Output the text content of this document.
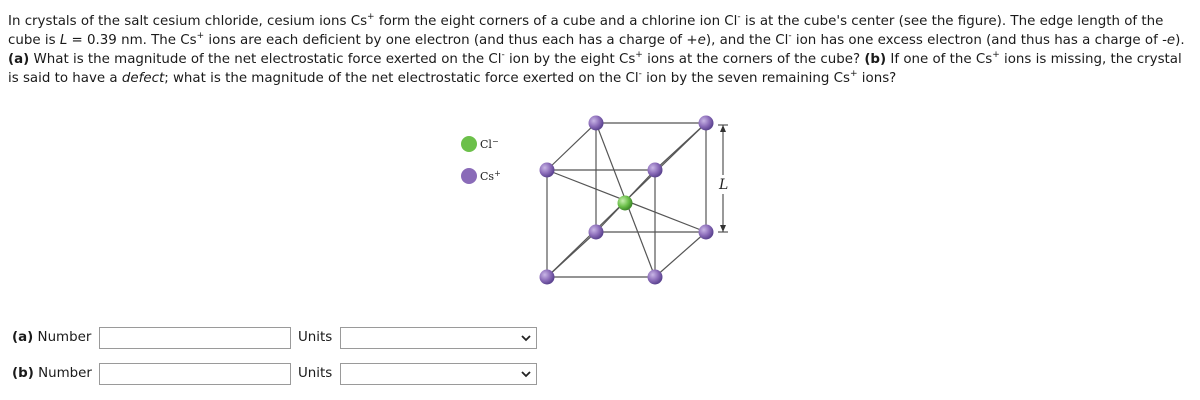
In crystals of the salt cesium chloride, cesium ions Cs+ form the eight corners of a cube and a chlorine ion Cl- is at the cube's center (see the figure). The edge length of the cube is L = 0.39 nm. The Cs+ ions are each deficient by one electron (and thus each has a charge of +e), and the Cl- ion has one excess electron (and thus has a charge of -e). (a) What is the magnitude of the net electrostatic force exerted on the Cl- ion by the eight Cs+ ions at the corners of the cube? (b) If one of the Cs+ ions is missing, the crystal is said to have a defect; what is the magnitude of the net electrostatic force exerted on the Cl- ion by the seven remaining Cs+ ions?
Cl−
Cs+
L
(a) Number	Units
(b) Number	Units
